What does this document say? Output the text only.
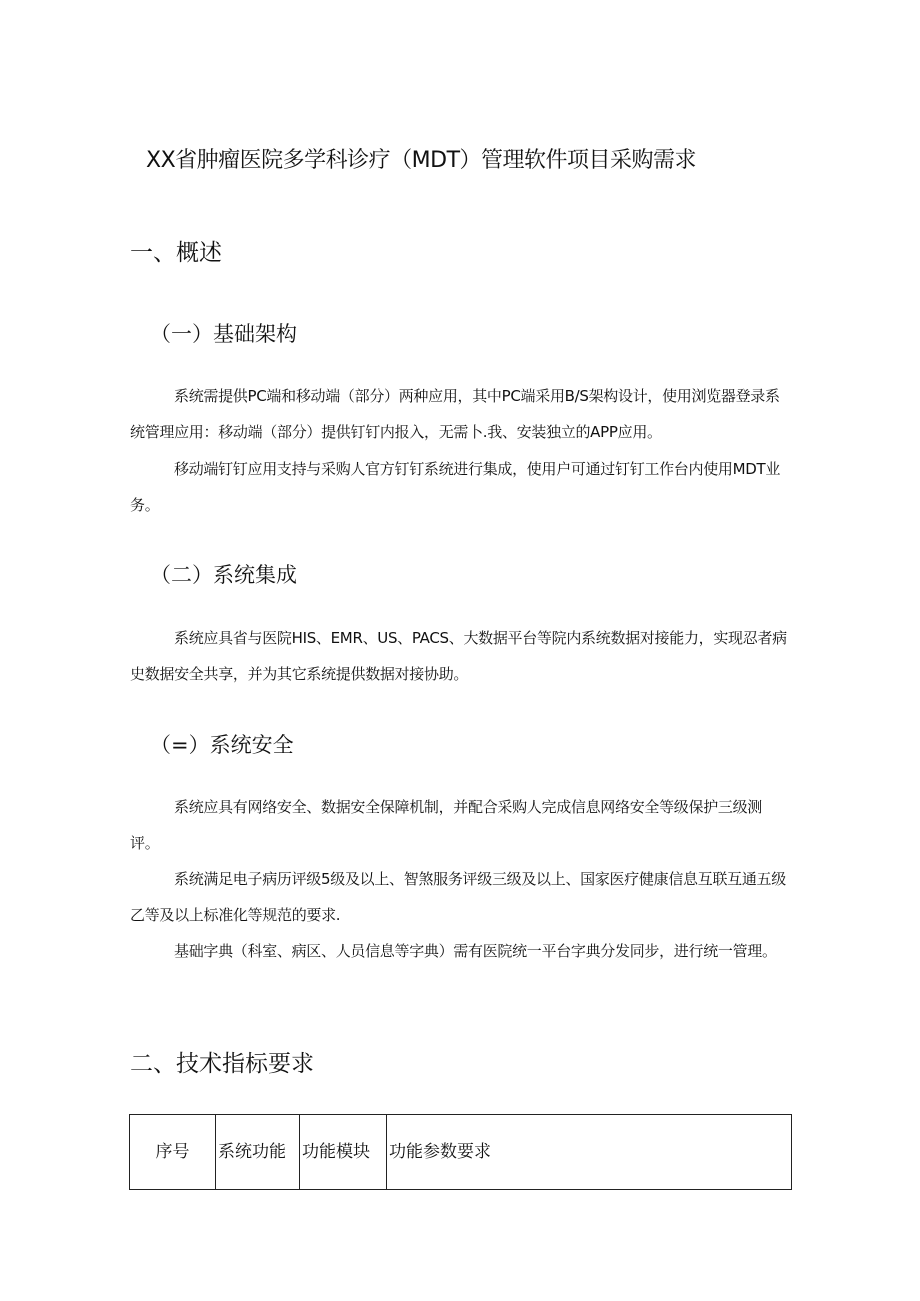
XX省肿瘤医院多学科诊疗（MDT）管理软件项目采购需求
一、概述
（一）基础架构

系统需提供PC端和移动端（部分）两种应用，其中PC端采用B/S架构设计，使用浏览器登录系统管理应用：移动端（部分）提供钉钉内报入，无需卜.我、安装独立的APP应用。

移动端钉钉应用支持与采购人官方钉钉系统进行集成，使用户可通过钉钉工作台内使用MDT业务。

（二）系统集成

系统应具省与医院HIS、EMR、US、PACS、大数据平台等院内系统数据对接能力，实现忍者病史数据安全共享，并为其它系统提供数据对接协助。

（=）系统安全

系统应具有网络安全、数据安全保障机制，并配合采购人完成信息网络安全等级保护三级测评。

系统满足电子病历评级5级及以上、智煞服务评级三级及以上、国家医疗健康信息互联互通五级乙等及以上标准化等规范的要求.

基础字典（科室、病区、人员信息等字典）需有医院统一平台字典分发同步，进行统一管理。

二、技术指标要求
序号	系统功能	功能模块	功能参数要求
